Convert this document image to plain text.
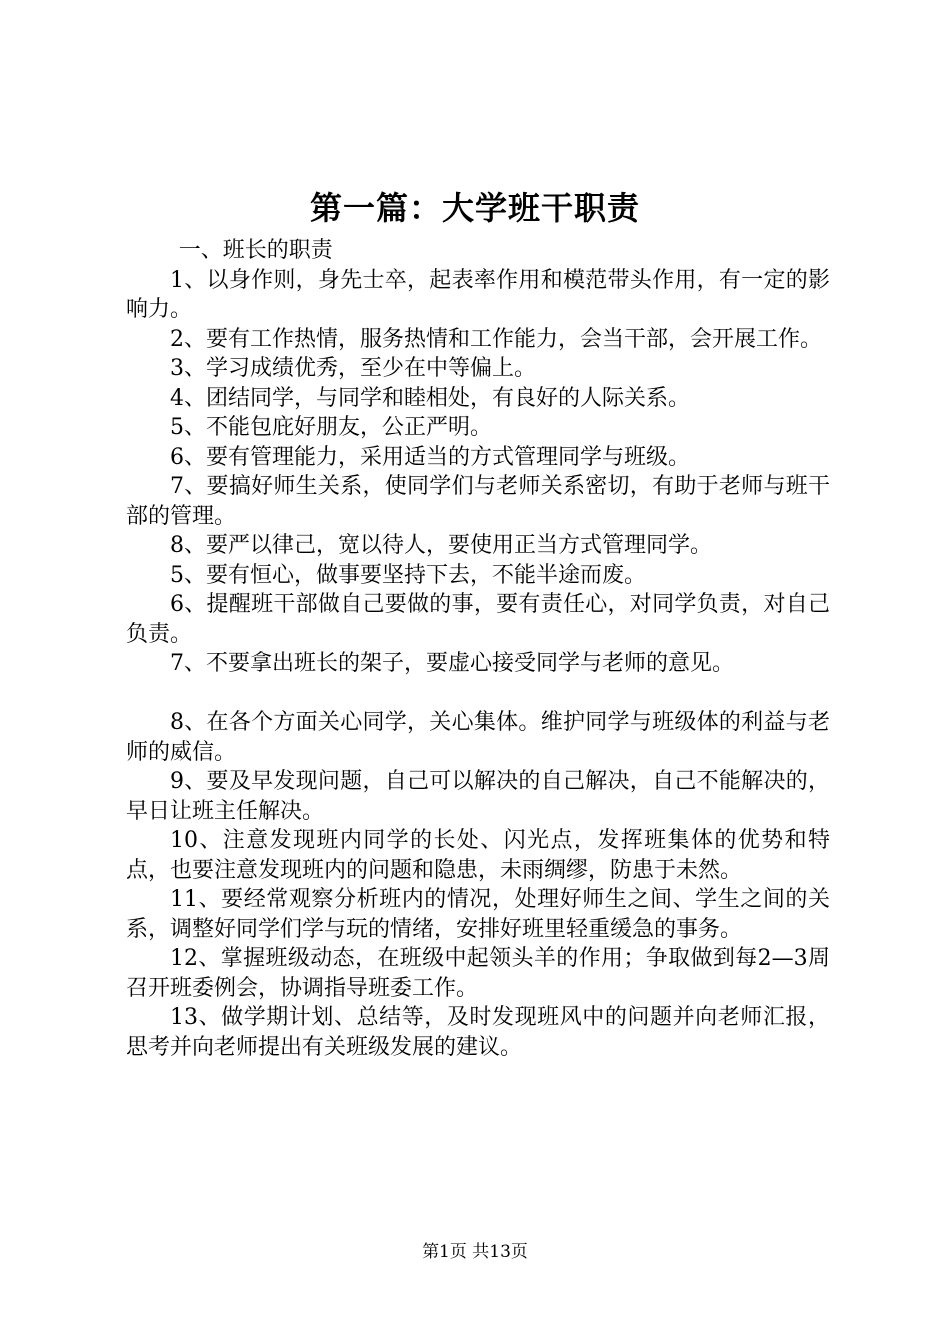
第一篇：大学班干职责

一、班长的职责

1、以身作则，身先士卒，起表率作用和模范带头作用，有一定的影响力。

2、要有工作热情，服务热情和工作能力，会当干部，会开展工作。

3、学习成绩优秀，至少在中等偏上。

4、团结同学，与同学和睦相处，有良好的人际关系。

5、不能包庇好朋友，公正严明。

6、要有管理能力，采用适当的方式管理同学与班级。

7、要搞好师生关系，使同学们与老师关系密切，有助于老师与班干部的管理。

8、要严以律己，宽以待人，要使用正当方式管理同学。

5、要有恒心，做事要坚持下去，不能半途而废。

6、提醒班干部做自己要做的事，要有责任心，对同学负责，对自己负责。

7、不要拿出班长的架子，要虚心接受同学与老师的意见。

8、在各个方面关心同学，关心集体。维护同学与班级体的利益与老师的威信。

9、要及早发现问题，自己可以解决的自己解决，自己不能解决的，早日让班主任解决。

10、注意发现班内同学的长处、闪光点，发挥班集体的优势和特点，也要注意发现班内的问题和隐患，未雨绸缪，防患于未然。

11、要经常观察分析班内的情况，处理好师生之间、学生之间的关系，调整好同学们学与玩的情绪，安排好班里轻重缓急的事务。

12、掌握班级动态，在班级中起领头羊的作用；争取做到每2—3周召开班委例会，协调指导班委工作。

13、做学期计划、总结等，及时发现班风中的问题并向老师汇报，思考并向老师提出有关班级发展的建议。

第1页 共13页
